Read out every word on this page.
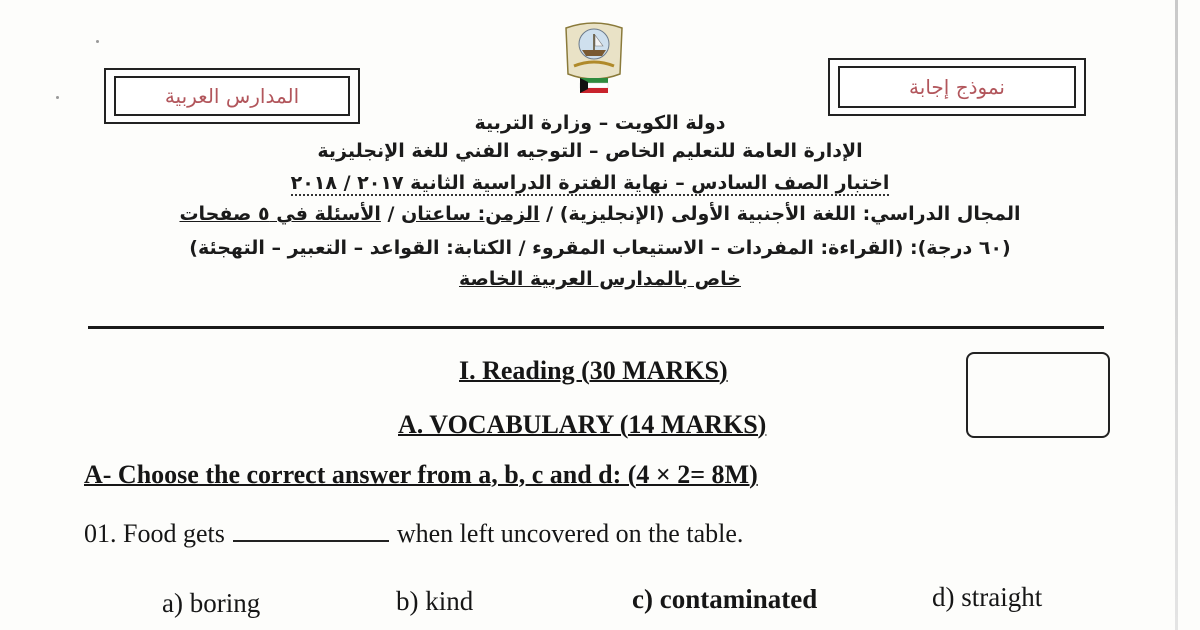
المدارس العربية	نموذج إجابة
دولة الكويت – وزارة التربية
الإدارة العامة للتعليم الخاص – التوجيه الفني للغة الإنجليزية
اختبار الصف السادس – نهاية الفترة الدراسية الثانية ٢٠١٧ / ٢٠١٨
المجال الدراسي: اللغة الأجنبية الأولى (الإنجليزية) / الزمن: ساعتان / الأسئلة في ٥ صفحات
(٦٠ درجة): (القراءة: المفردات – الاستيعاب المقروء / الكتابة: القواعد – التعبير – التهجئة)
خاص بالمدارس العربية الخاصة
I. Reading (30 MARKS)
A. VOCABULARY (14 MARKS)
A- Choose the correct answer from a, b, c and d: (4 × 2= 8M)
01. Food gets	when left uncovered on the table.
a) boring	b) kind	c) contaminated	d) straight
